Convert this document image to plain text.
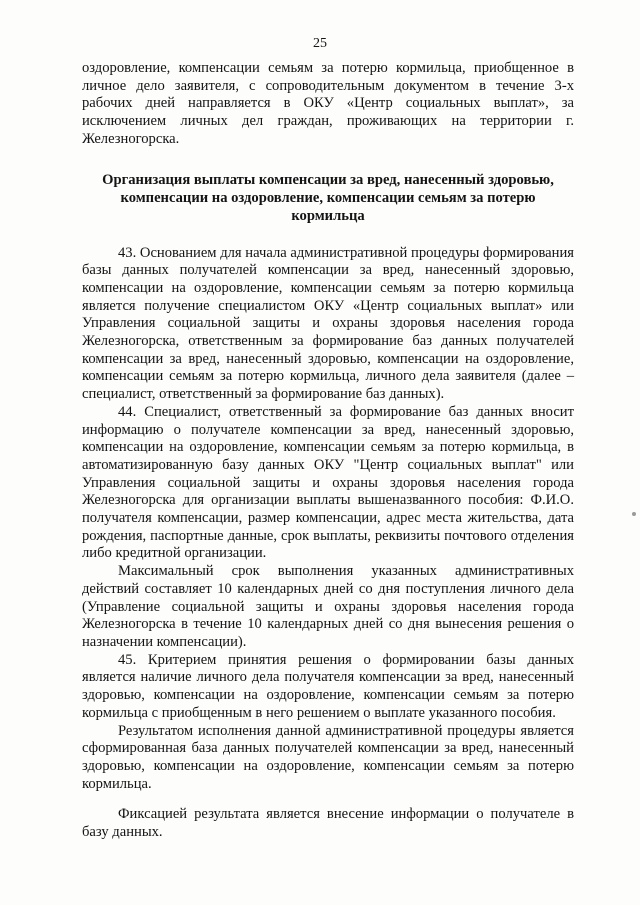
25

оздоровление, компенсации семьям за потерю кормильца, приобщенное в личное дело заявителя, с сопроводительным документом в течение 3-х рабочих дней направляется в ОКУ «Центр социальных выплат», за исключением личных дел граждан, проживающих на территории г. Железногорска.

Организация выплаты компенсации за вред, нанесенный здоровью, компенсации на оздоровление, компенсации семьям за потерю кормильца

43. Основанием для начала административной процедуры формирования базы данных получателей компенсации за вред, нанесенный здоровью, компенсации на оздоровление, компенсации семьям за потерю кормильца является получение специалистом ОКУ «Центр социальных выплат» или Управления социальной защиты и охраны здоровья населения города Железногорска, ответственным за формирование баз данных получателей компенсации за вред, нанесенный здоровью, компенсации на оздоровление, компенсации семьям за потерю кормильца, личного дела заявителя (далее – специалист, ответственный за формирование баз данных).

44. Специалист, ответственный за формирование баз данных вносит информацию о получателе компенсации за вред, нанесенный здоровью, компенсации на оздоровление, компенсации семьям за потерю кормильца, в автоматизированную базу данных ОКУ "Центр социальных выплат" или Управления социальной защиты и охраны здоровья населения города Железногорска для организации выплаты вышеназванного пособия: Ф.И.О. получателя компенсации, размер компенсации, адрес места жительства, дата рождения, паспортные данные, срок выплаты, реквизиты почтового отделения либо кредитной организации.

Максимальный срок выполнения указанных административных действий составляет 10 календарных дней со дня поступления личного дела (Управление социальной защиты и охраны здоровья населения города Железногорска в течение 10 календарных дней со дня вынесения решения о назначении компенсации).

45. Критерием принятия решения о формировании базы данных является наличие личного дела получателя компенсации за вред, нанесенный здоровью, компенсации на оздоровление, компенсации семьям за потерю кормильца с приобщенным в него решением о выплате указанного пособия.

Результатом исполнения данной административной процедуры является сформированная база данных получателей компенсации за вред, нанесенный здоровью, компенсации на оздоровление, компенсации семьям за потерю кормильца.

Фиксацией результата является внесение информации о получателе в базу данных.
